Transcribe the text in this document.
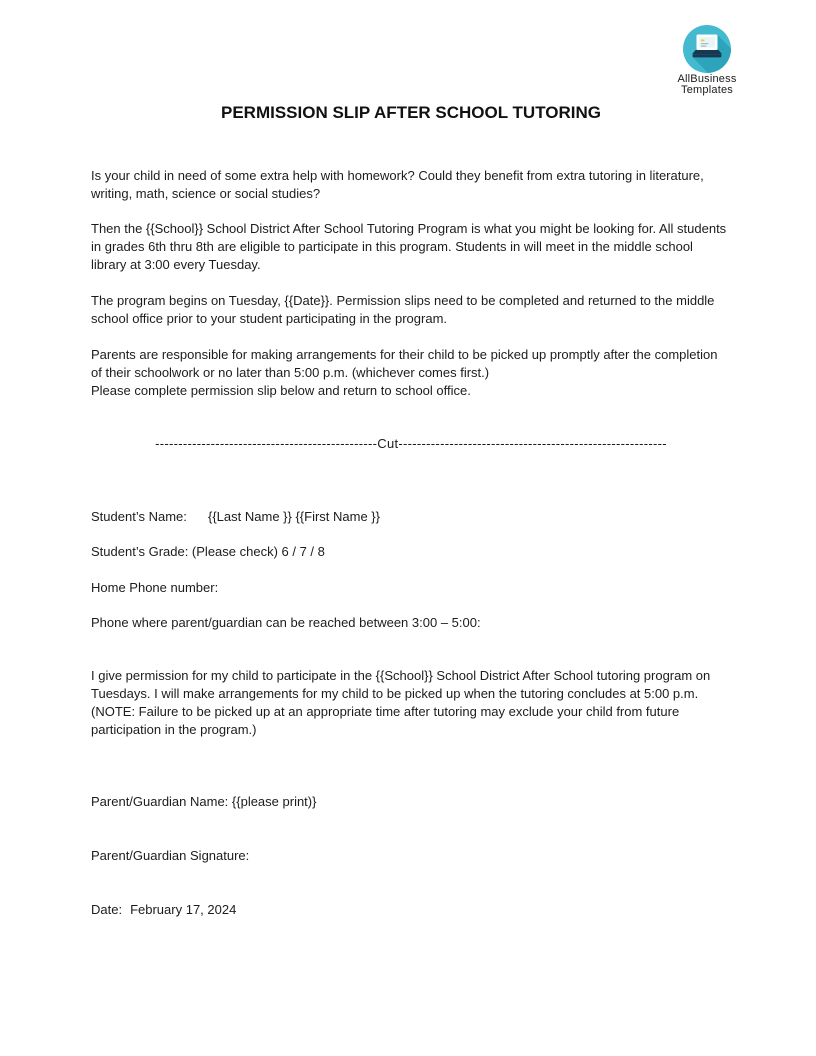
AllBusiness
Templates
PERMISSION SLIP AFTER SCHOOL TUTORING

Is your child in need of some extra help with homework? Could they benefit from extra tutoring in literature, writing, math, science or social studies?

Then the {{School}} School District After School Tutoring Program is what you might be looking for. All students in grades 6th thru 8th are eligible to participate in this program. Students in will meet in the middle school library at 3:00 every Tuesday.

The program begins on Tuesday, {{Date}}. Permission slips need to be completed and returned to the middle school office prior to your student participating in the program.

Parents are responsible for making arrangements for their child to be picked up promptly after the completion of their schoolwork or no later than 5:00 p.m. (whichever comes first.)
Please complete permission slip below and return to school office.

------------------------------------------------Cut----------------------------------------------------------

Student’s Name: {{Last Name }} {{First Name }}

Student’s Grade: (Please check) 6 / 7 / 8

Home Phone number:

Phone where parent/guardian can be reached between 3:00 – 5:00:

I give permission for my child to participate in the {{School}} School District After School tutoring program on Tuesdays. I will make arrangements for my child to be picked up when the tutoring concludes at 5:00 p.m. (NOTE: Failure to be picked up at an appropriate time after tutoring may exclude your child from future participation in the program.)

Parent/Guardian Name: {{please print)}

Parent/Guardian Signature:

Date: February 17, 2024
